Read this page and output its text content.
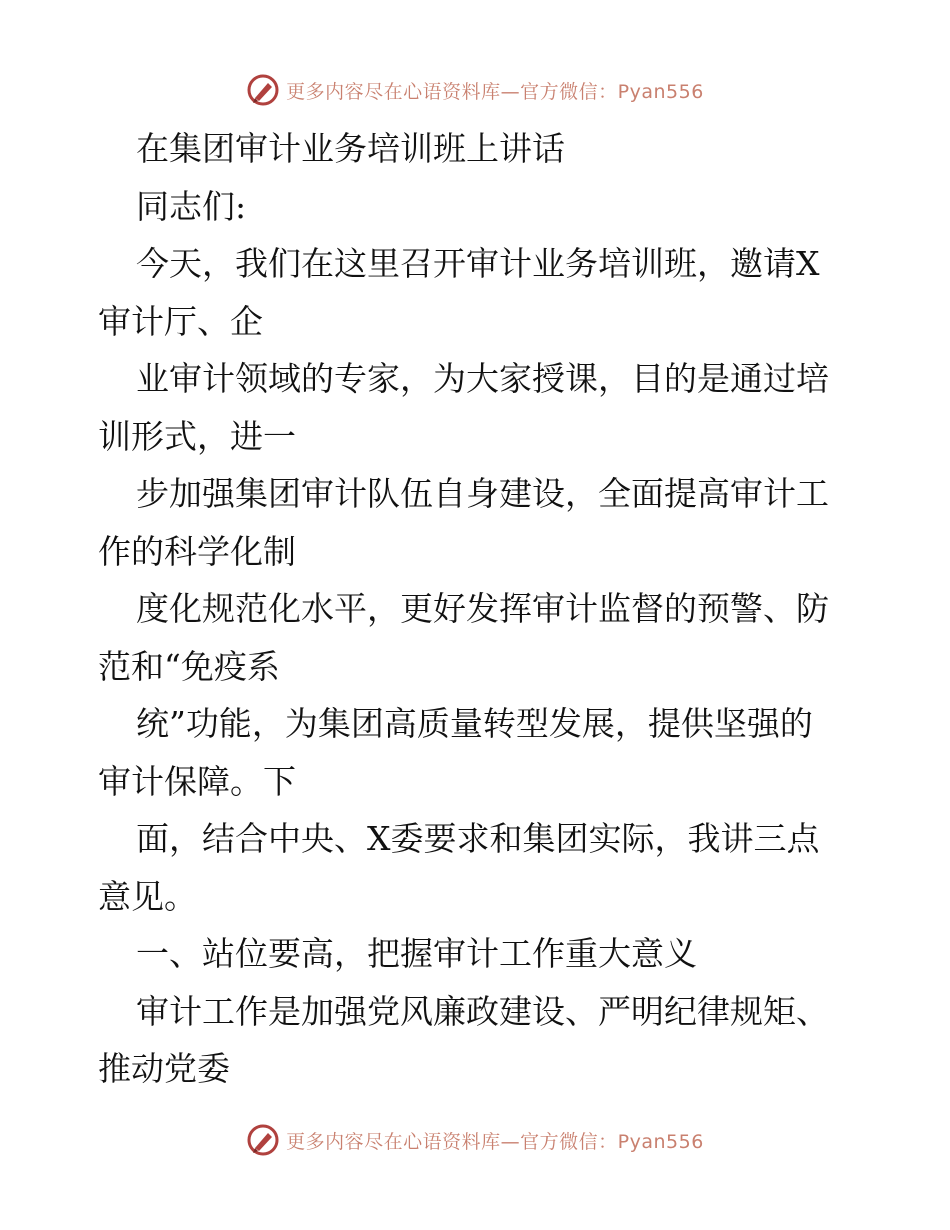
更多内容尽在心语资料库—官方微信：Pyan556
在集团审计业务培训班上讲话
同志们:
今天，我们在这里召开审计业务培训班，邀请X
审计厅、企
业审计领域的专家，为大家授课，目的是通过培
训形式，进一
步加强集团审计队伍自身建设，全面提高审计工
作的科学化制
度化规范化水平，更好发挥审计监督的预警、防
范和“免疫系
统”功能，为集团高质量转型发展，提供坚强的
审计保障。下
面，结合中央、X委要求和集团实际，我讲三点
意见。
一、站位要高，把握审计工作重大意义
审计工作是加强党风廉政建设、严明纪律规矩、
推动党委
更多内容尽在心语资料库—官方微信：Pyan556
